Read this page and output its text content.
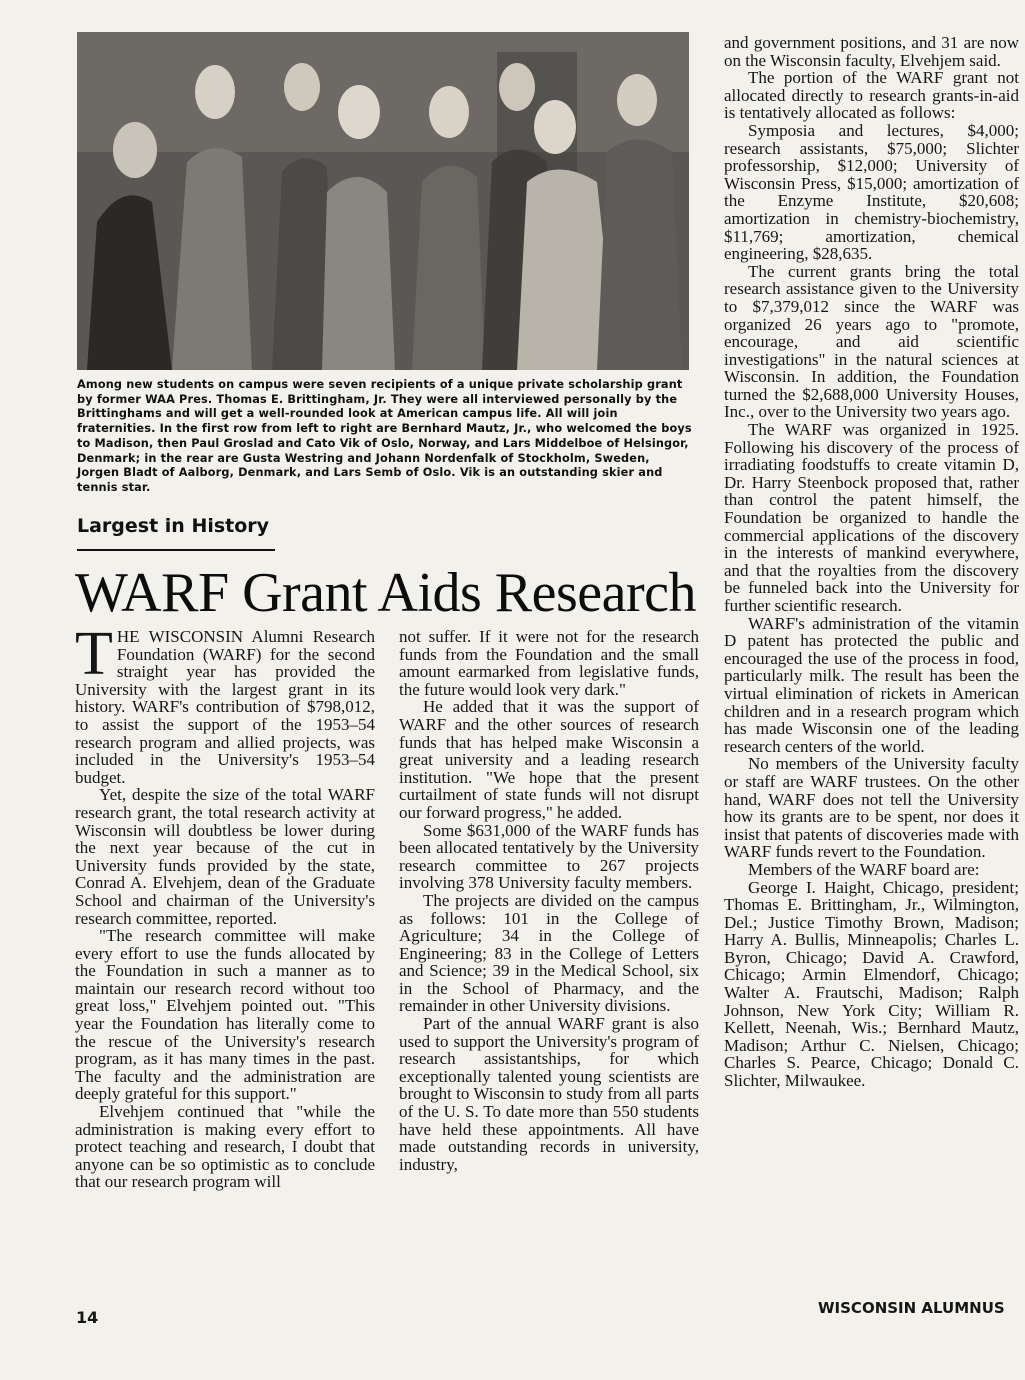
Among new students on campus were seven recipients of a unique private scholarship grant by former WAA Pres. Thomas E. Brittingham, Jr. They were all interviewed personally by the Brittinghams and will get a well-rounded look at American campus life. All will join fraternities. In the first row from left to right are Bernhard Mautz, Jr., who welcomed the boys to Madison, then Paul Groslad and Cato Vik of Oslo, Norway, and Lars Middelboe of Helsingor, Denmark; in the rear are Gusta Westring and Johann Nordenfalk of Stockholm, Sweden, Jorgen Bladt of Aalborg, Denmark, and Lars Semb of Oslo. Vik is an outstanding skier and tennis star.

Largest in History
WARF Grant Aids Research
T HE WISCONSIN Alumni Research Foundation (WARF) for the second straight year has provided the University with the largest grant in its history. WARF's contribution of $798,012, to assist the support of the 1953–54 research program and allied projects, was included in the University's 1953–54 budget.

Yet, despite the size of the total WARF research grant, the total research activity at Wisconsin will doubtless be lower during the next year because of the cut in University funds provided by the state, Conrad A. Elvehjem, dean of the Graduate School and chairman of the University's research committee, reported.

"The research committee will make every effort to use the funds allocated by the Foundation in such a manner as to maintain our research record without too great loss," Elvehjem pointed out. "This year the Foundation has literally come to the rescue of the University's research program, as it has many times in the past. The faculty and the administration are deeply grateful for this support."

Elvehjem continued that "while the administration is making every effort to protect teaching and research, I doubt that anyone can be so optimistic as to conclude that our research program will

not suffer. If it were not for the research funds from the Foundation and the small amount earmarked from legislative funds, the future would look very dark."

He added that it was the support of WARF and the other sources of research funds that has helped make Wisconsin a great university and a leading research institution. "We hope that the present curtailment of state funds will not disrupt our forward progress," he added.

Some $631,000 of the WARF funds has been allocated tentatively by the University research committee to 267 projects involving 378 University faculty members.

The projects are divided on the campus as follows: 101 in the College of Agriculture; 34 in the College of Engineering; 83 in the College of Letters and Science; 39 in the Medical School, six in the School of Pharmacy, and the remainder in other University divisions.

Part of the annual WARF grant is also used to support the University's program of research assistantships, for which exceptionally talented young scientists are brought to Wisconsin to study from all parts of the U. S. To date more than 550 students have held these appointments. All have made outstanding records in university, industry,

and government positions, and 31 are now on the Wisconsin faculty, Elvehjem said.

The portion of the WARF grant not allocated directly to research grants-in-aid is tentatively allocated as follows:

Symposia and lectures, $4,000; research assistants, $75,000; Slichter professorship, $12,000; University of Wisconsin Press, $15,000; amortization of the Enzyme Institute, $20,608; amortization in chemistry-biochemistry, $11,769; amortization, chemical engineering, $28,635.

The current grants bring the total research assistance given to the University to $7,379,012 since the WARF was organized 26 years ago to "promote, encourage, and aid scientific investigations" in the natural sciences at Wisconsin. In addition, the Foundation turned the $2,688,000 University Houses, Inc., over to the University two years ago.

The WARF was organized in 1925. Following his discovery of the process of irradiating foodstuffs to create vitamin D, Dr. Harry Steenbock proposed that, rather than control the patent himself, the Foundation be organized to handle the commercial applications of the discovery in the interests of mankind everywhere, and that the royalties from the discovery be funneled back into the University for further scientific research.

WARF's administration of the vitamin D patent has protected the public and encouraged the use of the process in food, particularly milk. The result has been the virtual elimination of rickets in American children and in a research program which has made Wisconsin one of the leading research centers of the world.

No members of the University faculty or staff are WARF trustees. On the other hand, WARF does not tell the University how its grants are to be spent, nor does it insist that patents of discoveries made with WARF funds revert to the Foundation.

Members of the WARF board are:

George I. Haight, Chicago, president; Thomas E. Brittingham, Jr., Wilmington, Del.; Justice Timothy Brown, Madison; Harry A. Bullis, Minneapolis; Charles L. Byron, Chicago; David A. Crawford, Chicago; Armin Elmendorf, Chicago; Walter A. Frautschi, Madison; Ralph Johnson, New York City; William R. Kellett, Neenah, Wis.; Bernhard Mautz, Madison; Arthur C. Nielsen, Chicago; Charles S. Pearce, Chicago; Donald C. Slichter, Milwaukee.

14	WISCONSIN ALUMNUS
